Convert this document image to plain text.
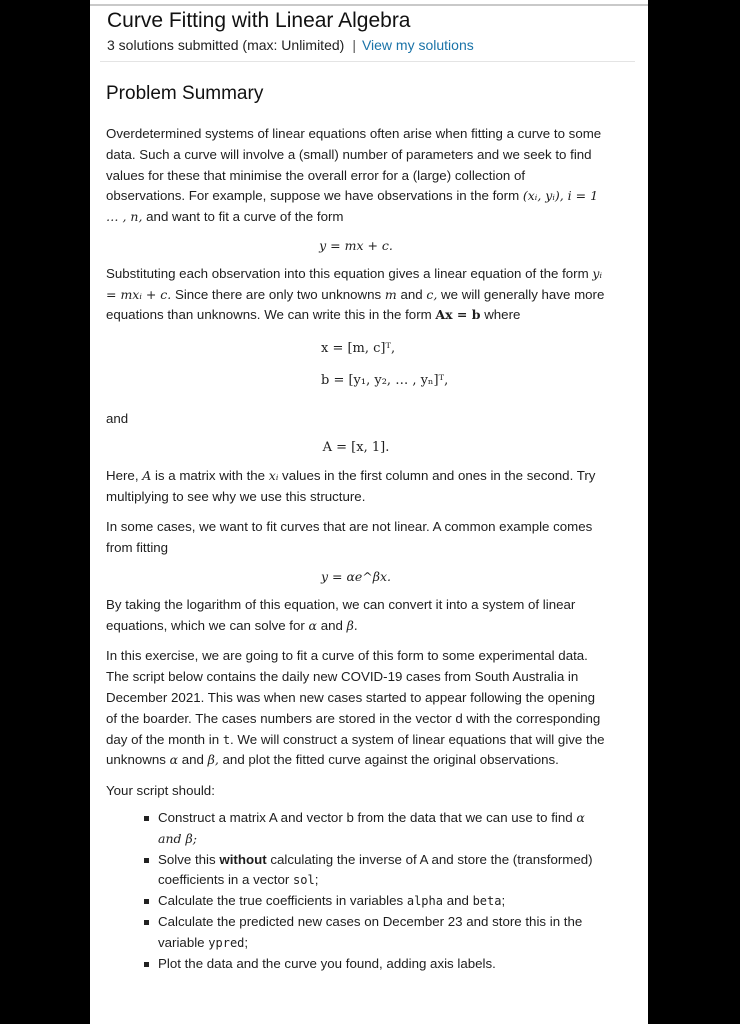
Curve Fitting with Linear Algebra
3 solutions submitted (max: Unlimited) | View my solutions
Problem Summary

Overdetermined systems of linear equations often arise when fitting a curve to some data. Such a curve will involve a (small) number of parameters and we seek to find values for these that minimise the overall error for a (large) collection of observations. For example, suppose we have observations in the form (xᵢ, yᵢ), i = 1 … , n, and want to fit a curve of the form

y = mx + c.

Substituting each observation into this equation gives a linear equation of the form yᵢ = mxᵢ + c. Since there are only two unknowns m and c, we will generally have more equations than unknowns. We can write this in the form Ax = b where

x = [m, c]ᵀ,
b = [y₁, y₂, … , yₙ]ᵀ,

and

A = [x, 1].

Here, A is a matrix with the xᵢ values in the first column and ones in the second. Try multiplying to see why we use this structure.

In some cases, we want to fit curves that are not linear. A common example comes from fitting

y = αe^βx.

By taking the logarithm of this equation, we can convert it into a system of linear equations, which we can solve for α and β.

In this exercise, we are going to fit a curve of this form to some experimental data. The script below contains the daily new COVID-19 cases from South Australia in December 2021. This was when new cases started to appear following the opening of the boarder. The cases numbers are stored in the vector d with the corresponding day of the month in t. We will construct a system of linear equations that will give the unknowns α and β, and plot the fitted curve against the original observations.

Your script should:

Construct a matrix A and vector b from the data that we can use to find α and β;
Solve this without calculating the inverse of A and store the (transformed) coefficients in a vector sol;
Calculate the true coefficients in variables alpha and beta;
Calculate the predicted new cases on December 23 and store this in the variable ypred;
Plot the data and the curve you found, adding axis labels.
